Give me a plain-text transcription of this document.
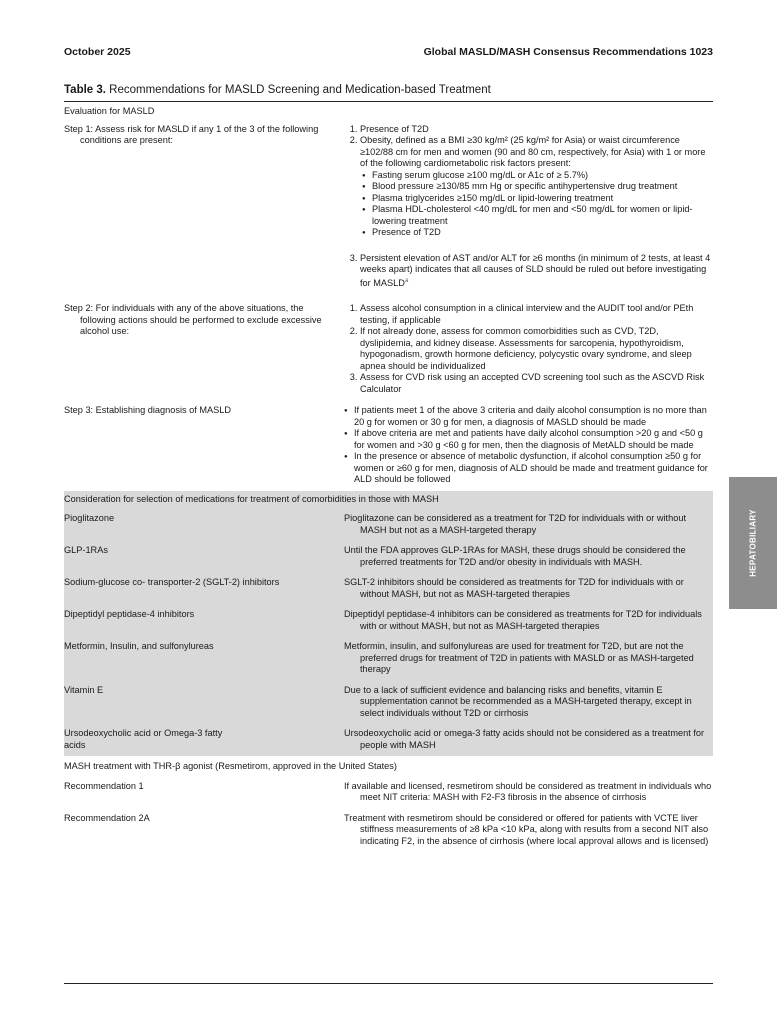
October 2025	Global MASLD/MASH Consensus Recommendations 1023
Table 3. Recommendations for MASLD Screening and Medication-based Treatment
HEPATOBILIARY
Evaluation for MASLD
Step 1: Assess risk for MASLD if any 1 of the 3 of the following conditions are present:
1. Presence of T2D
2. Obesity, defined as a BMI ≥30 kg/m² (25 kg/m² for Asia) or waist circumference ≥102/88 cm for men and women (90 and 80 cm, respectively, for Asia) with 1 or more of the following cardiometabolic risk factors present:
● Fasting serum glucose ≥100 mg/dL or A1c of ≥ 5.7%)
● Blood pressure ≥130/85 mm Hg or specific antihypertensive drug treatment
● Plasma triglycerides ≥150 mg/dL or lipid-lowering treatment
● Plasma HDL-cholesterol <40 mg/dL for men and <50 mg/dL for women or lipid-lowering treatment
● Presence of T2D
3. Persistent elevation of AST and/or ALT for ≥6 months (in minimum of 2 tests, at least 4 weeks apart) indicates that all causes of SLD should be ruled out before investigating for MASLD$^a$
Step 2: For individuals with any of the above situations, the following actions should be performed to exclude excessive alcohol use:
1. Assess alcohol consumption in a clinical interview and the AUDIT tool and/or PEth testing, if applicable
2. If not already done, assess for common comorbidities such as CVD, T2D, dyslipidemia, and kidney disease. Assessments for sarcopenia, hypothyroidism, hypogonadism, growth hormone deficiency, polycystic ovary syndrome, and sleep apnea should be individualized
3. Assess for CVD risk using an accepted CVD screening tool such as the ASCVD Risk Calculator
Step 3: Establishing diagnosis of MASLD
●	If patients meet 1 of the above 3 criteria and daily alcohol consumption is no more than 20 g for women or 30 g for men, a diagnosis of MASLD should be made
● If above criteria are met and patients have daily alcohol consumption >20 g and <50 g for women and >30 g <60 g for men, then the diagnosis of MetALD should be made
● In the presence or absence of metabolic dysfunction, if alcohol consumption ≥50 g for women or ≥60 g for men, diagnosis of ALD should be made and treatment guidance for ALD should be followed
Consideration for selection of medications for treatment of comorbidities in those with MASH
Pioglitazone	Pioglitazone can be considered as a treatment for T2D for individuals with or without MASH but not as a MASH-targeted therapy
GLP-1RAs	Until the FDA approves GLP-1RAs for MASH, these drugs should be considered the preferred treatments for T2D and/or obesity in individuals with MASH.
Sodium-glucose co- transporter-2 (SGLT-2) inhibitors	SGLT-2 inhibitors should be considered as treatments for T2D for individuals with or without MASH, but not as MASH-targeted therapies
Dipeptidyl peptidase-4 inhibitors	Dipeptidyl peptidase-4 inhibitors can be considered as treatments for T2D for individuals with or without MASH, but not as MASH-targeted therapies
Metformin, Insulin, and sulfonylureas	Metformin, insulin, and sulfonylureas are used for treatment for T2D, but are not the preferred drugs for treatment of T2D in patients with MASLD or as MASH-targeted therapy
Vitamin E	Due to a lack of sufficient evidence and balancing risks and benefits, vitamin E supplementation cannot be recommended as a MASH-targeted therapy, except in select individuals without T2D or cirrhosis
Ursodeoxycholic acid or Omega-3 fatty acids
Ursodeoxycholic acid or omega-3 fatty acids should not be considered as a treatment for people with MASH
MASH treatment with THR-β agonist (Resmetirom, approved in the United States)
Recommendation 1	If available and licensed, resmetirom should be considered as treatment in individuals who meet NIT criteria: MASH with F2-F3 fibrosis in the absence of cirrhosis
Recommendation 2A	Treatment with resmetirom should be considered or offered for patients with VCTE liver stiffness measurements of ≥8 kPa <10 kPa, along with results from a second NIT also indicating F2, in the absence of cirrhosis (where local approval allows and is licensed)
